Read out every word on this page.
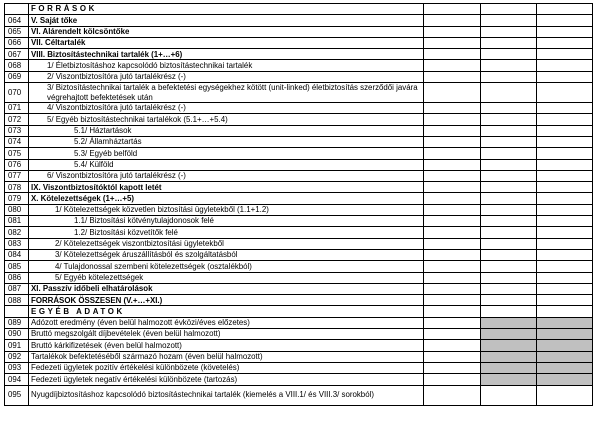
	FORRÁSOK			
064	V. Saját tőke			
065	VI. Alárendelt kölcsöntőke			
066	VII. Céltartalék			
067	VIII. Biztosítástechnikai tartalék (1+…+6)			
068	1/ Életbiztosításhoz kapcsolódó biztosítástechnikai tartalék			
069	2/ Viszontbiztosítóra jutó tartalékrész (-)			
070	3/ Biztosítástechnikai tartalék a befektetési egységekhez kötött (unit-linked) életbiztosítás szerződői javára végrehajtott befektetések után			
071	4/ Viszontbiztosítóra jutó tartalékrész (-)			
072	5/ Egyéb biztosítástechnikai tartalékok (5.1+…+5.4)			
073	5.1/ Háztartások			
074	5.2/ Államháztartás			
075	5.3/ Egyéb belföld			
076	5.4/ Külföld			
077	6/ Viszontbiztosítóra jutó tartalékrész (-)			
078	IX. Viszontbiztosítóktól kapott letét			
079	X. Kötelezettségek (1+…+5)			
080	1/ Kötelezettségek közvetlen biztosítási ügyletekből (1.1+1.2)			
081	1.1/ Biztosítási kötvénytulajdonosok felé			
082	1.2/ Biztosítási közvetítők felé			
083	2/ Kötelezettségek viszontbiztosítási ügyletekből			
084	3/ Kötelezettségek áruszállításból és szolgáltatásból			
085	4/ Tulajdonossal szembeni kötelezettségek (osztalékból)			
086	5/ Egyéb kötelezettségek			
087	XI. Passzív időbeli elhatárolások			
088	FORRÁSOK ÖSSZESEN (V.+…+XI.)			
	EGYÉB ADATOK			
089	Adózott eredmény (éven belül halmozott évközi/éves előzetes)			
090	Bruttó megszolgált díjbevételek (éven belül halmozott)			
091	Bruttó kárkifizetések (éven belül halmozott)			
092	Tartalékok befektetéséből származó hozam (éven belül halmozott)			
093	Fedezeti ügyletek pozitív értékelési különbözete (követelés)			
094	Fedezeti ügyletek negatív értékelési különbözete (tartozás)			
095	Nyugdíjbiztosításhoz kapcsolódó biztosítástechnikai tartalék (kiemelés a VIII.1/ és VIII.3/ sorokból)			
